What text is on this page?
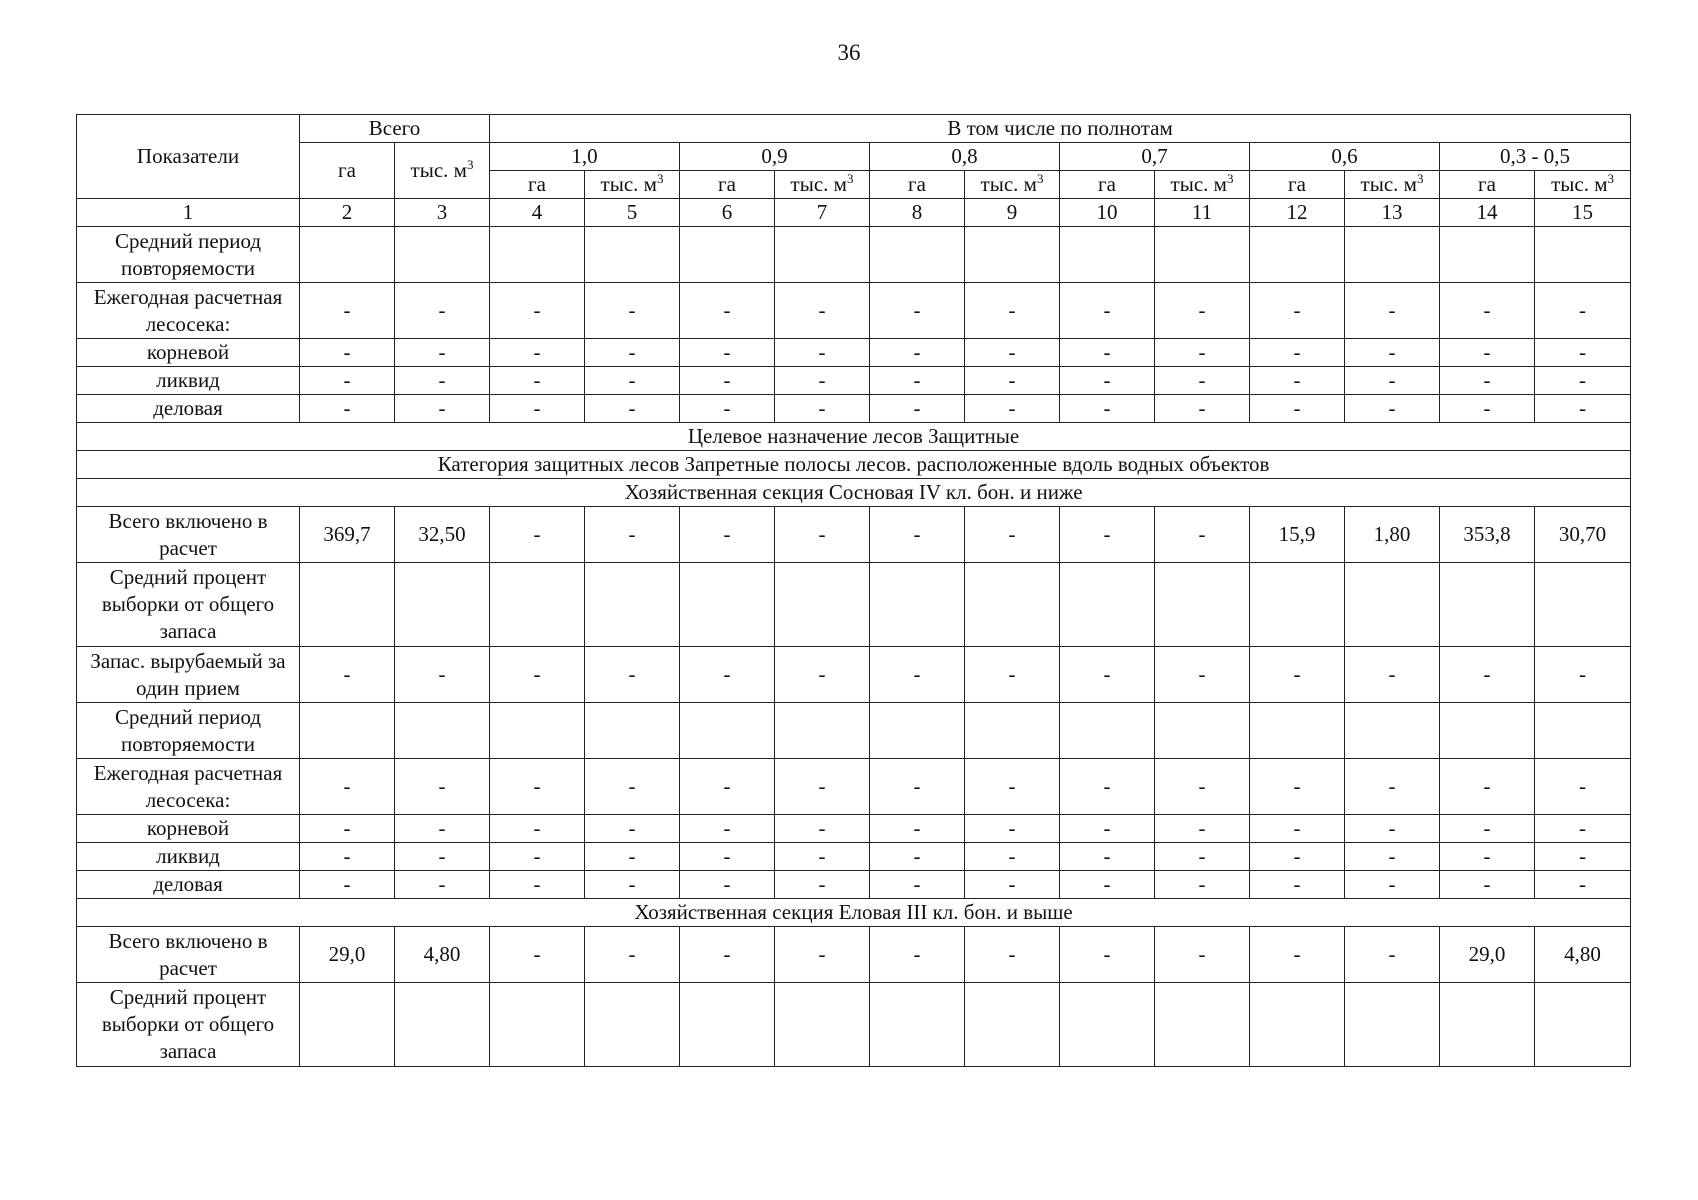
36
Показатели	Всего		В том числе по полнотам											
	га	тыс. $м^3$	1,0		0,9		0,8		0,7		0,6		0,3 - 0,5	
			га	тыс. $м^3$	га	тыс. $м^3$	га	тыс. $м^3$	га	тыс. $м^3$	га	тыс. $м^3$	га	тыс. $м^3$
1	2	3	4	5	6	7	8	9	10	11	12	13	14	15
Средний период повторяемости														
Ежегодная расчетная лесосека:	-	-	-	-	-	-	-	-	-	-	-	-	-	-
корневой	-	-	-	-	-	-	-	-	-	-	-	-	-	-
ликвид	-	-	-	-	-	-	-	-	-	-	-	-	-	-
деловая	-	-	-	-	-	-	-	-	-	-	-	-	-	-
Целевое назначение лесов Защитные														
Категория защитных лесов Запретные полосы лесов. расположенные вдоль водных объектов														
Хозяйственная секция Сосновая IV кл. бон. и ниже														
Всего включено в расчет	369,7	32,50	-	-	-	-	-	-	-	-	15,9	1,80	353,8	30,70
Средний процент выборки от общего запаса														
Запас. вырубаемый за один прием	-	-	-	-	-	-	-	-	-	-	-	-	-	-
Средний период повторяемости														
Ежегодная расчетная лесосека:	-	-	-	-	-	-	-	-	-	-	-	-	-	-
корневой	-	-	-	-	-	-	-	-	-	-	-	-	-	-
ликвид	-	-	-	-	-	-	-	-	-	-	-	-	-	-
деловая	-	-	-	-	-	-	-	-	-	-	-	-	-	-
Хозяйственная секция Еловая III кл. бон. и выше														
Всего включено в расчет	29,0	4,80	-	-	-	-	-	-	-	-	-	-	29,0	4,80
Средний процент выборки от общего запаса														
